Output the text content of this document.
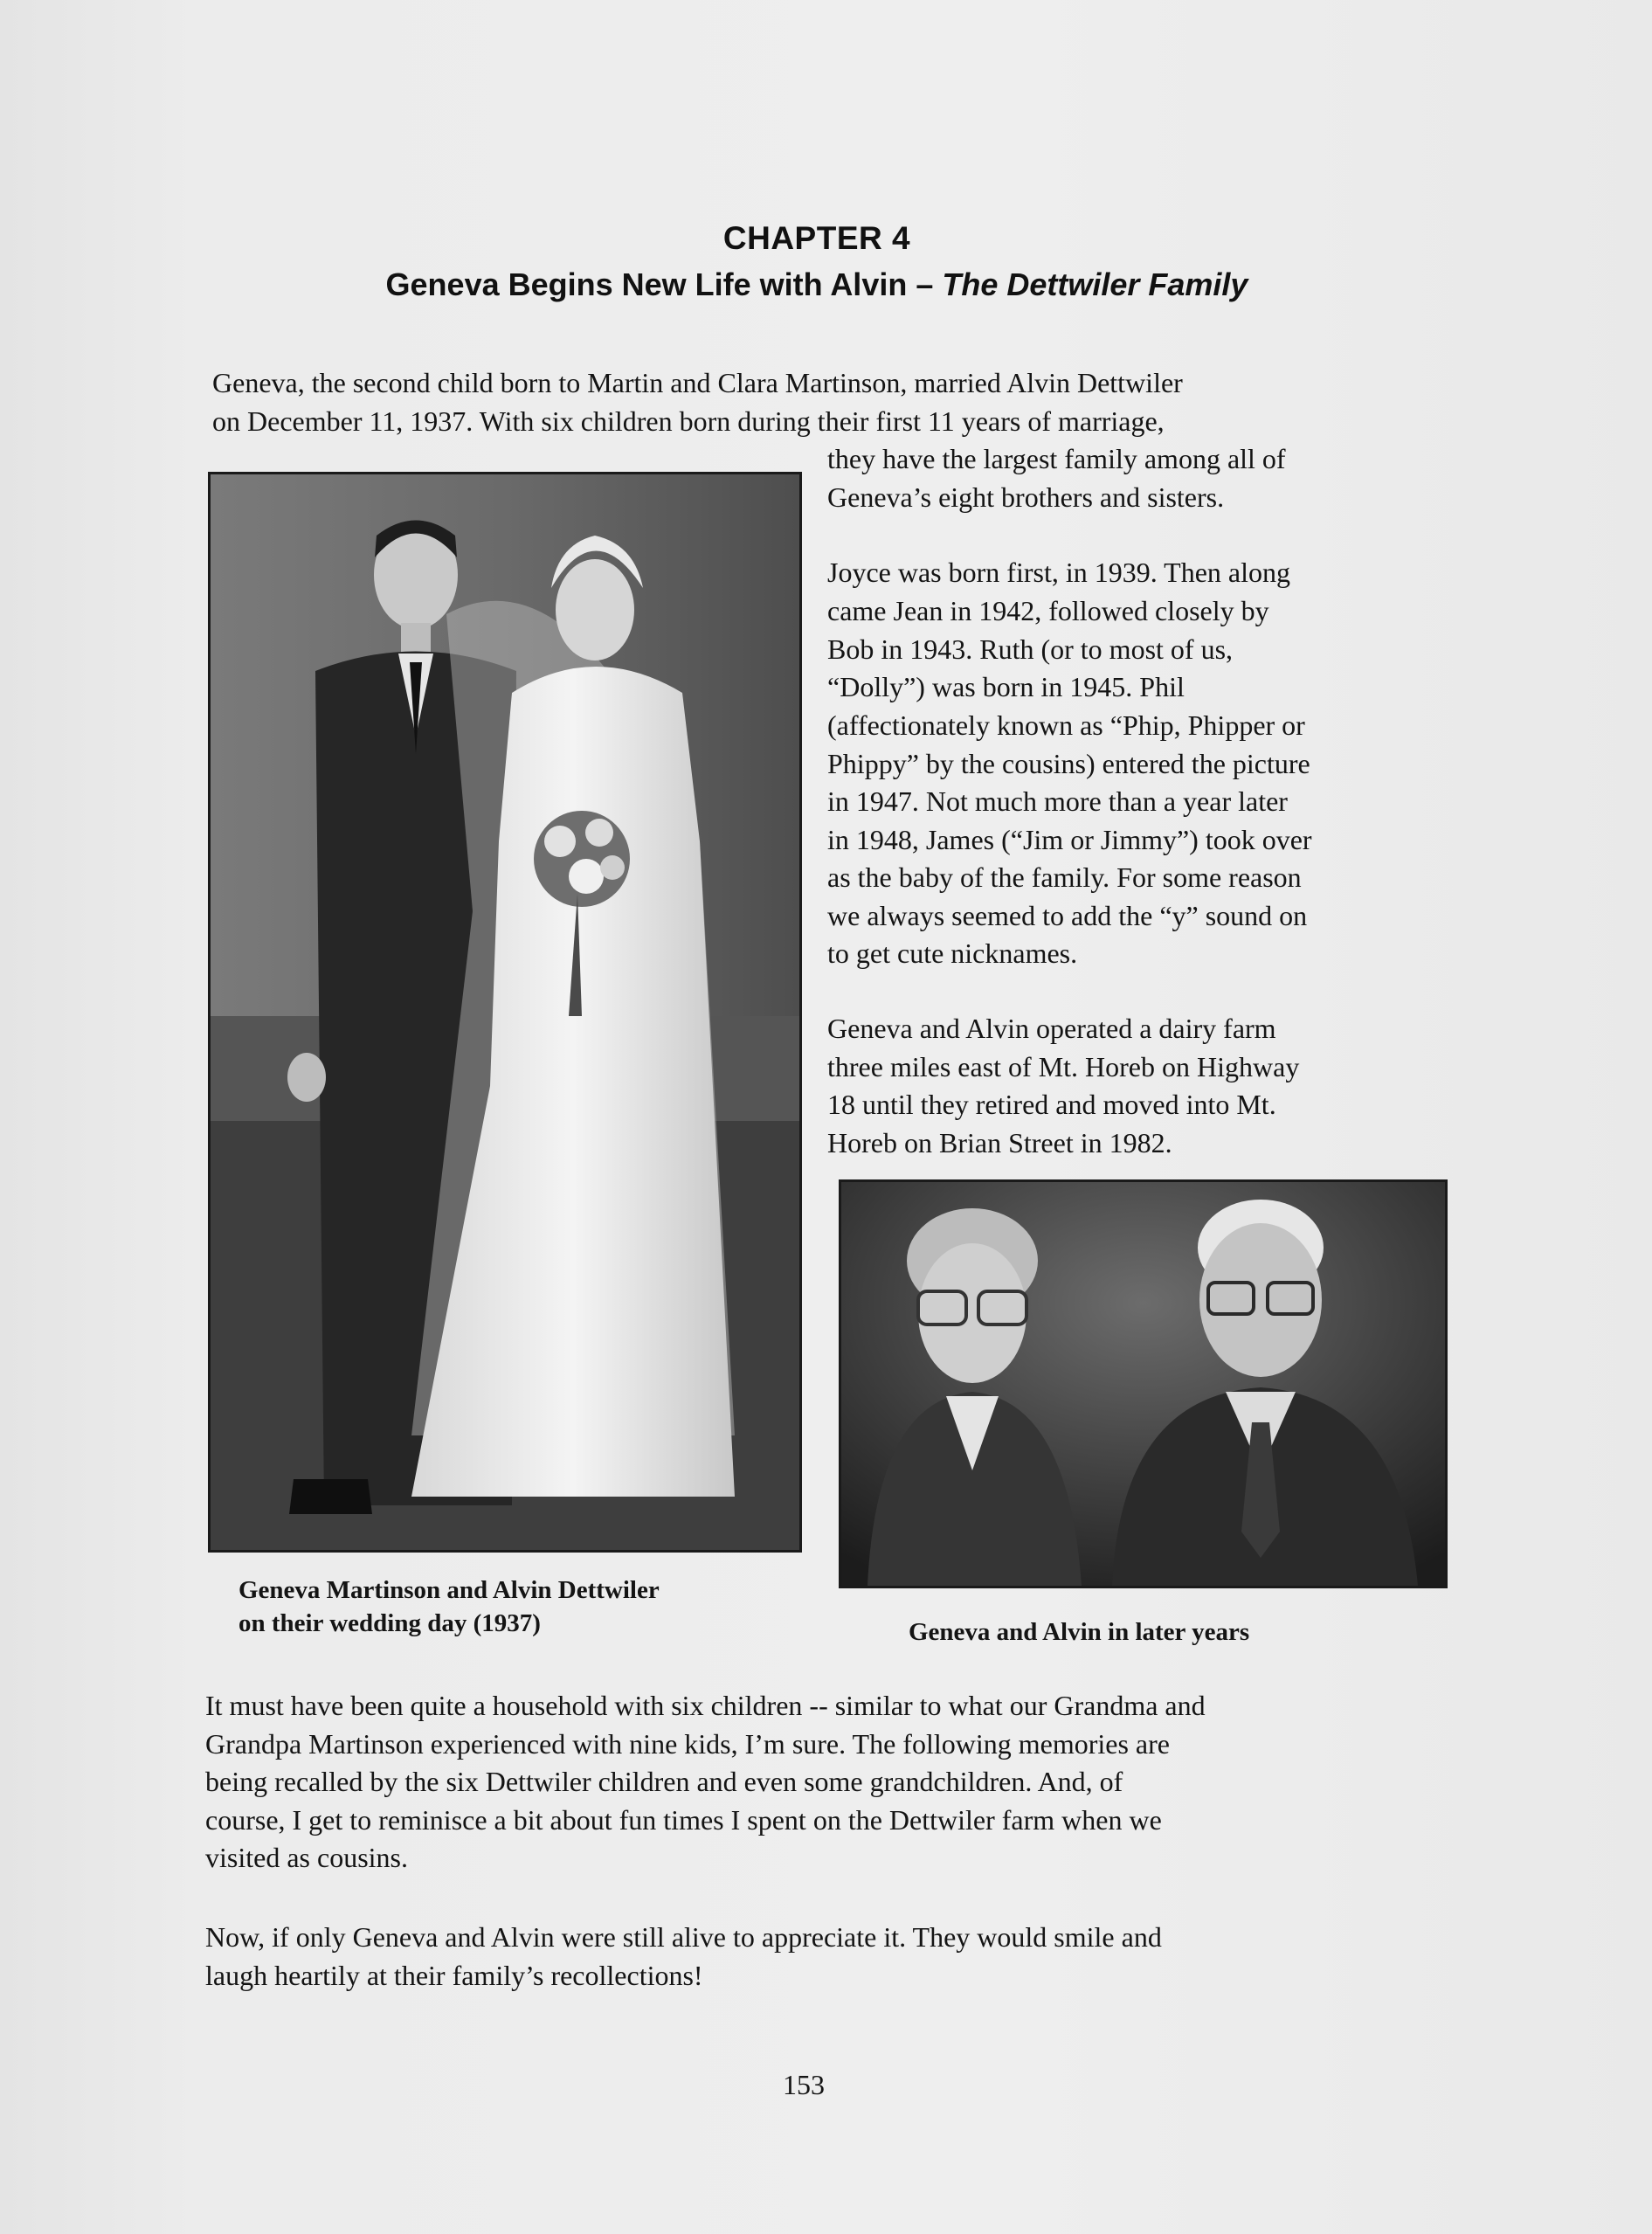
CHAPTER 4
Geneva Begins New Life with Alvin – The Dettwiler Family

Geneva, the second child born to Martin and Clara Martinson, married Alvin Dettwiler

on December 11, 1937. With six children born during their first 11 years of marriage,

they have the largest family among all of

Geneva’s eight brothers and sisters.

Joyce was born first, in 1939. Then along

came Jean in 1942, followed closely by

Bob in 1943. Ruth (or to most of us,

“Dolly”) was born in 1945. Phil

(affectionately known as “Phip, Phipper or

Phippy” by the cousins) entered the picture

in 1947. Not much more than a year later

in 1948, James (“Jim or Jimmy”) took over

as the baby of the family. For some reason

we always seemed to add the “y” sound on

to get cute nicknames.

Geneva and Alvin operated a dairy farm

three miles east of Mt. Horeb on Highway

18 until they retired and moved into Mt.

Horeb on Brian Street in 1982.

Geneva Martinson and Alvin Dettwiler

on their wedding day (1937)	Geneva and Alvin in later years

It must have been quite a household with six children -- similar to what our Grandma and

Grandpa Martinson experienced with nine kids, I’m sure. The following memories are

being recalled by the six Dettwiler children and even some grandchildren. And, of

course, I get to reminisce a bit about fun times I spent on the Dettwiler farm when we

visited as cousins.

Now, if only Geneva and Alvin were still alive to appreciate it. They would smile and

laugh heartily at their family’s recollections!

153
